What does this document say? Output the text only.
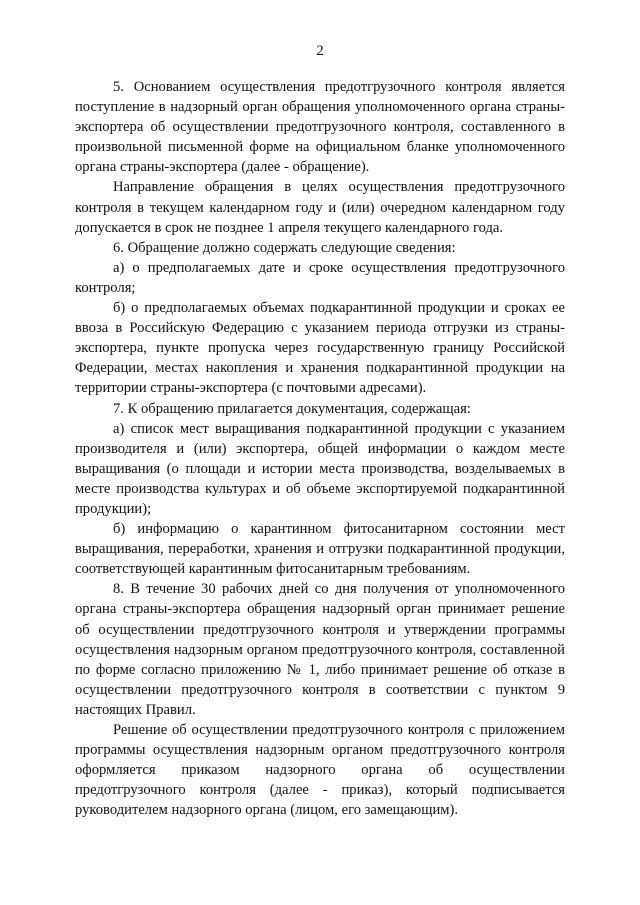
2

5. Основанием осуществления предотгрузочного контроля является поступление в надзорный орган обращения уполномоченного органа страны-экспортера об осуществлении предотгрузочного контроля, составленного в произвольной письменной форме на официальном бланке уполномоченного органа страны-экспортера (далее - обращение).

Направление обращения в целях осуществления предотгрузочного контроля в текущем календарном году и (или) очередном календарном году допускается в срок не позднее 1 апреля текущего календарного года.

6. Обращение должно содержать следующие сведения:

а) о предполагаемых дате и сроке осуществления предотгрузочного контроля;

б) о предполагаемых объемах подкарантинной продукции и сроках ее ввоза в Российскую Федерацию с указанием периода отгрузки из страны-экспортера, пункте пропуска через государственную границу Российской Федерации, местах накопления и хранения подкарантинной продукции на территории страны-экспортера (с почтовыми адресами).

7. К обращению прилагается документация, содержащая:

а) список мест выращивания подкарантинной продукции с указанием производителя и (или) экспортера, общей информации о каждом месте выращивания (о площади и истории места производства, возделываемых в месте производства культурах и об объеме экспортируемой подкарантинной продукции);

б) информацию о карантинном фитосанитарном состоянии мест выращивания, переработки, хранения и отгрузки подкарантинной продукции, соответствующей карантинным фитосанитарным требованиям.

8. В течение 30 рабочих дней со дня получения от уполномоченного органа страны-экспортера обращения надзорный орган принимает решение об осуществлении предотгрузочного контроля и утверждении программы осуществления надзорным органом предотгрузочного контроля, составленной по форме согласно приложению № 1, либо принимает решение об отказе в осуществлении предотгрузочного контроля в соответствии с пунктом 9 настоящих Правил.

Решение об осуществлении предотгрузочного контроля с приложением программы осуществления надзорным органом предотгрузочного контроля оформляется приказом надзорного органа об осуществлении предотгрузочного контроля (далее - приказ), который подписывается руководителем надзорного органа (лицом, его замещающим).
